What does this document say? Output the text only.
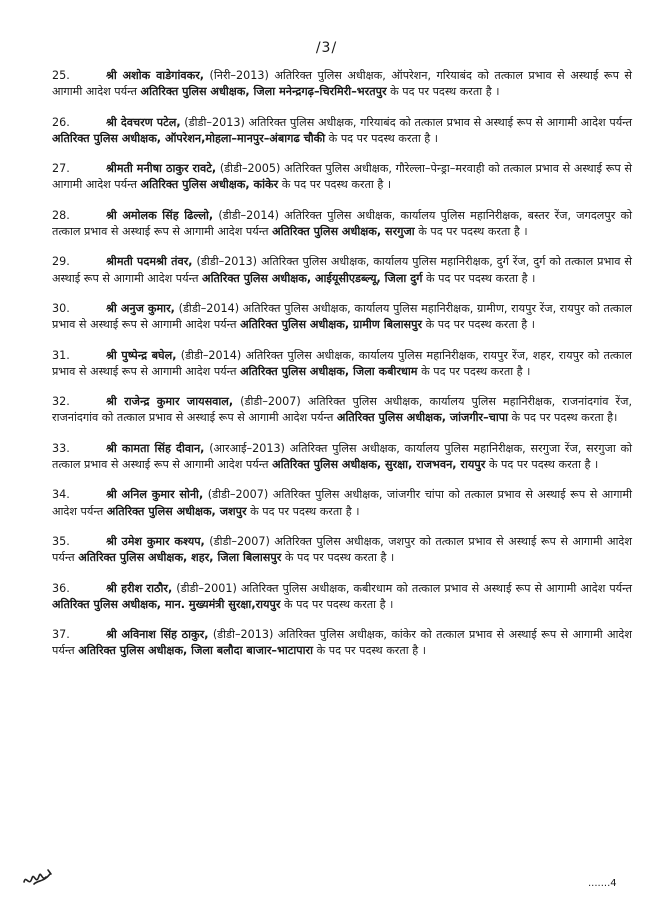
/3/

25.	श्री अशोक वाडेगांवकर, (निरी–2013) अतिरिक्त पुलिस अधीक्षक, ऑपरेशन, गरियाबंद को तत्काल प्रभाव से अस्थाई रूप से आगामी आदेश पर्यन्त अतिरिक्त पुलिस अधीक्षक, जिला मनेन्द्रगढ़–चिरमिरी–भरतपुर के पद पर पदस्थ करता है ।

26.	श्री देवचरण पटेल, (डीडी–2013) अतिरिक्त पुलिस अधीक्षक, गरियाबंद को तत्काल प्रभाव से अस्थाई रूप से आगामी आदेश पर्यन्त अतिरिक्त पुलिस अधीक्षक, ऑपरेशन,मोहला–मानपुर–अंबागढ चौकी के पद पर पदस्थ करता है ।

27.	श्रीमती मनीषा ठाकुर रावटे, (डीडी–2005) अतिरिक्त पुलिस अधीक्षक, गौरेल्ला–पेन्ड्रा–मरवाही को तत्काल प्रभाव से अस्थाई रूप से आगामी आदेश पर्यन्त अतिरिक्त पुलिस अधीक्षक, कांकेर के पद पर पदस्थ करता है ।

28.	श्री अमोलक सिंह ढिल्लो, (डीडी–2014) अतिरिक्त पुलिस अधीक्षक, कार्यालय पुलिस महानिरीक्षक, बस्तर रेंज, जगदलपुर को तत्काल प्रभाव से अस्थाई रूप से आगामी आदेश पर्यन्त अतिरिक्त पुलिस अधीक्षक, सरगुजा के पद पर पदस्थ करता है ।

29.	श्रीमती पदमश्री तंवर, (डीडी–2013) अतिरिक्त पुलिस अधीक्षक, कार्यालय पुलिस महानिरीक्षक, दुर्ग रेंज, दुर्ग को तत्काल प्रभाव से अस्थाई रूप से आगामी आदेश पर्यन्त अतिरिक्त पुलिस अधीक्षक, आईयूसीएडब्ल्यू, जिला दुर्ग के पद पर पदस्थ करता है ।

30.	श्री अनुज कुमार, (डीडी–2014) अतिरिक्त पुलिस अधीक्षक, कार्यालय पुलिस महानिरीक्षक, ग्रामीण, रायपुर रेंज, रायपुर को तत्काल प्रभाव से अस्थाई रूप से आगामी आदेश पर्यन्त अतिरिक्त पुलिस अधीक्षक, ग्रामीण बिलासपुर के पद पर पदस्थ करता है ।

31.	श्री पुष्पेन्द्र बघेल, (डीडी–2014) अतिरिक्त पुलिस अधीक्षक, कार्यालय पुलिस महानिरीक्षक, रायपुर रेंज, शहर, रायपुर को तत्काल प्रभाव से अस्थाई रूप से आगामी आदेश पर्यन्त अतिरिक्त पुलिस अधीक्षक, जिला कबीरधाम के पद पर पदस्थ करता है ।

32.	श्री राजेन्द्र कुमार जायसवाल, (डीडी–2007) अतिरिक्त पुलिस अधीक्षक, कार्यालय पुलिस महानिरीक्षक, राजनांदगांव रेंज, राजनांदगांव को तत्काल प्रभाव से अस्थाई रूप से आगामी आदेश पर्यन्त अतिरिक्त पुलिस अधीक्षक, जांजगीर–चापा के पद पर पदस्थ करता है।

33.	श्री कामता सिंह दीवान, (आरआई–2013) अतिरिक्त पुलिस अधीक्षक, कार्यालय पुलिस महानिरीक्षक, सरगुजा रेंज, सरगुजा को तत्काल प्रभाव से अस्थाई रूप से आगामी आदेश पर्यन्त अतिरिक्त पुलिस अधीक्षक, सुरक्षा, राजभवन, रायपुर के पद पर पदस्थ करता है ।

34.	श्री अनिल कुमार सोनी, (डीडी–2007) अतिरिक्त पुलिस अधीक्षक, जांजगीर चांपा को तत्काल प्रभाव से अस्थाई रूप से आगामी आदेश पर्यन्त अतिरिक्त पुलिस अधीक्षक, जशपुर के पद पर पदस्थ करता है ।

35.	श्री उमेश कुमार कश्यप, (डीडी–2007) अतिरिक्त पुलिस अधीक्षक, जशपुर को तत्काल प्रभाव से अस्थाई रूप से आगामी आदेश पर्यन्त अतिरिक्त पुलिस अधीक्षक, शहर, जिला बिलासपुर के पद पर पदस्थ करता है ।

36.	श्री हरीश राठौर, (डीडी–2001) अतिरिक्त पुलिस अधीक्षक, कबीरधाम को तत्काल प्रभाव से अस्थाई रूप से आगामी आदेश पर्यन्त अतिरिक्त पुलिस अधीक्षक, मान. मुख्यमंत्री सुरक्षा,रायपुर के पद पर पदस्थ करता है ।

37.	श्री अविनाश सिंह ठाकुर, (डीडी–2013) अतिरिक्त पुलिस अधीक्षक, कांकेर को तत्काल प्रभाव से अस्थाई रूप से आगामी आदेश पर्यन्त अतिरिक्त पुलिस अधीक्षक, जिला बलौदा बाजार–भाटापारा के पद पर पदस्थ करता है ।

.......4
